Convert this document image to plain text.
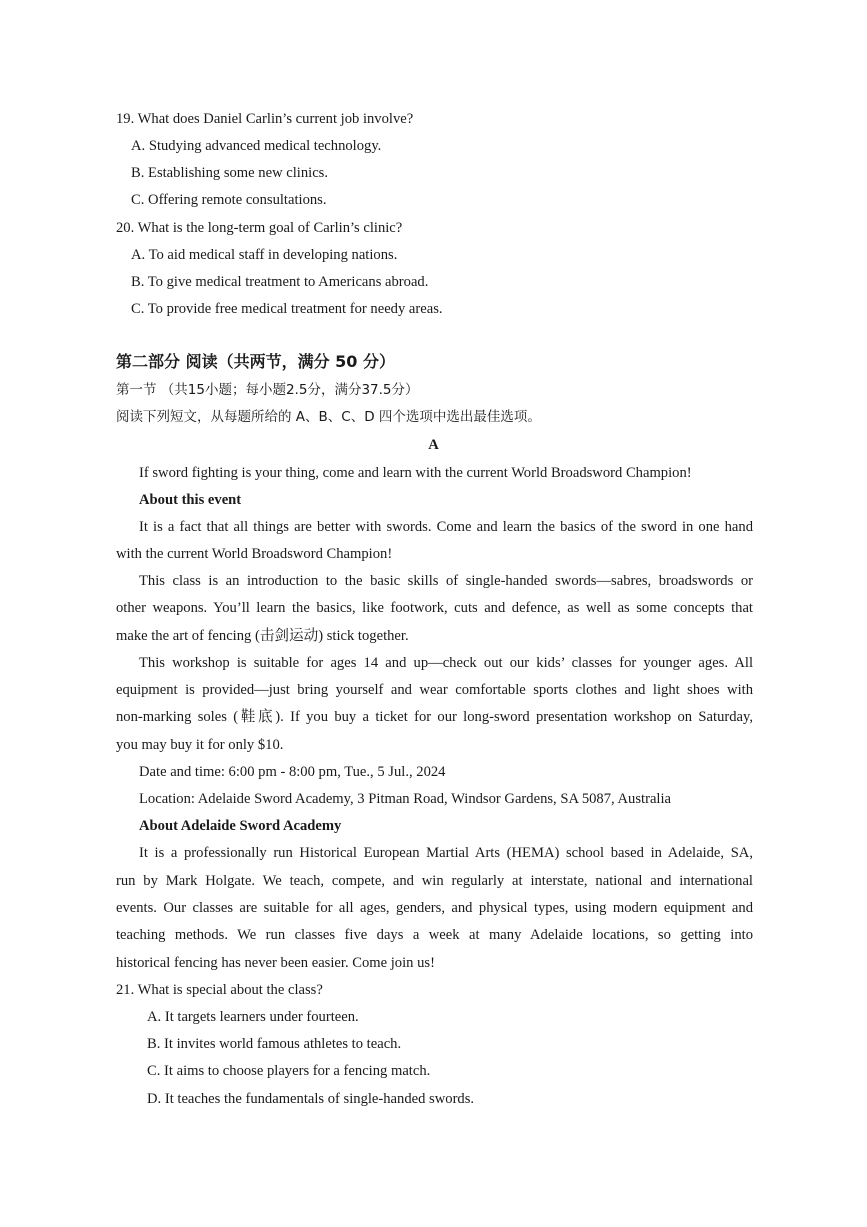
19. What does Daniel Carlin’s current job involve?
A. Studying advanced medical technology.
B. Establishing some new clinics.
C. Offering remote consultations.
20. What is the long-term goal of Carlin’s clinic?
A. To aid medical staff in developing nations.
B. To give medical treatment to Americans abroad.
C. To provide free medical treatment for needy areas.
第二部分 阅读（共两节，满分 50 分）
第一节 （共15小题；每小题2.5分，满分37.5分）
阅读下列短文，从每题所给的 A、B、C、D 四个选项中选出最佳选项。
A
If sword fighting is your thing, come and learn with the current World Broadsword Champion!
About this event
It is a fact that all things are better with swords. Come and learn the basics of the sword in one hand
with the current World Broadsword Champion!
This class is an introduction to the basic skills of single-handed swords—sabres, broadswords or
other weapons. You’ll learn the basics, like footwork, cuts and defence, as well as some concepts that
make the art of fencing (击剑运动) stick together.
This workshop is suitable for ages 14 and up—check out our kids’ classes for younger ages. All
equipment is provided—just bring yourself and wear comfortable sports clothes and light shoes with
non-marking soles (鞋底). If you buy a ticket for our long-sword presentation workshop on Saturday,
you may buy it for only $10.
Date and time: 6:00 pm - 8:00 pm, Tue., 5 Jul., 2024
Location: Adelaide Sword Academy, 3 Pitman Road, Windsor Gardens, SA 5087, Australia
About Adelaide Sword Academy
It is a professionally run Historical European Martial Arts (HEMA) school based in Adelaide, SA,
run by Mark Holgate. We teach, compete, and win regularly at interstate, national and international
events. Our classes are suitable for all ages, genders, and physical types, using modern equipment and
teaching methods. We run classes five days a week at many Adelaide locations, so getting into
historical fencing has never been easier. Come join us!
21. What is special about the class?
A. It targets learners under fourteen.
B. It invites world famous athletes to teach.
C. It aims to choose players for a fencing match.
D. It teaches the fundamentals of single-handed swords.
